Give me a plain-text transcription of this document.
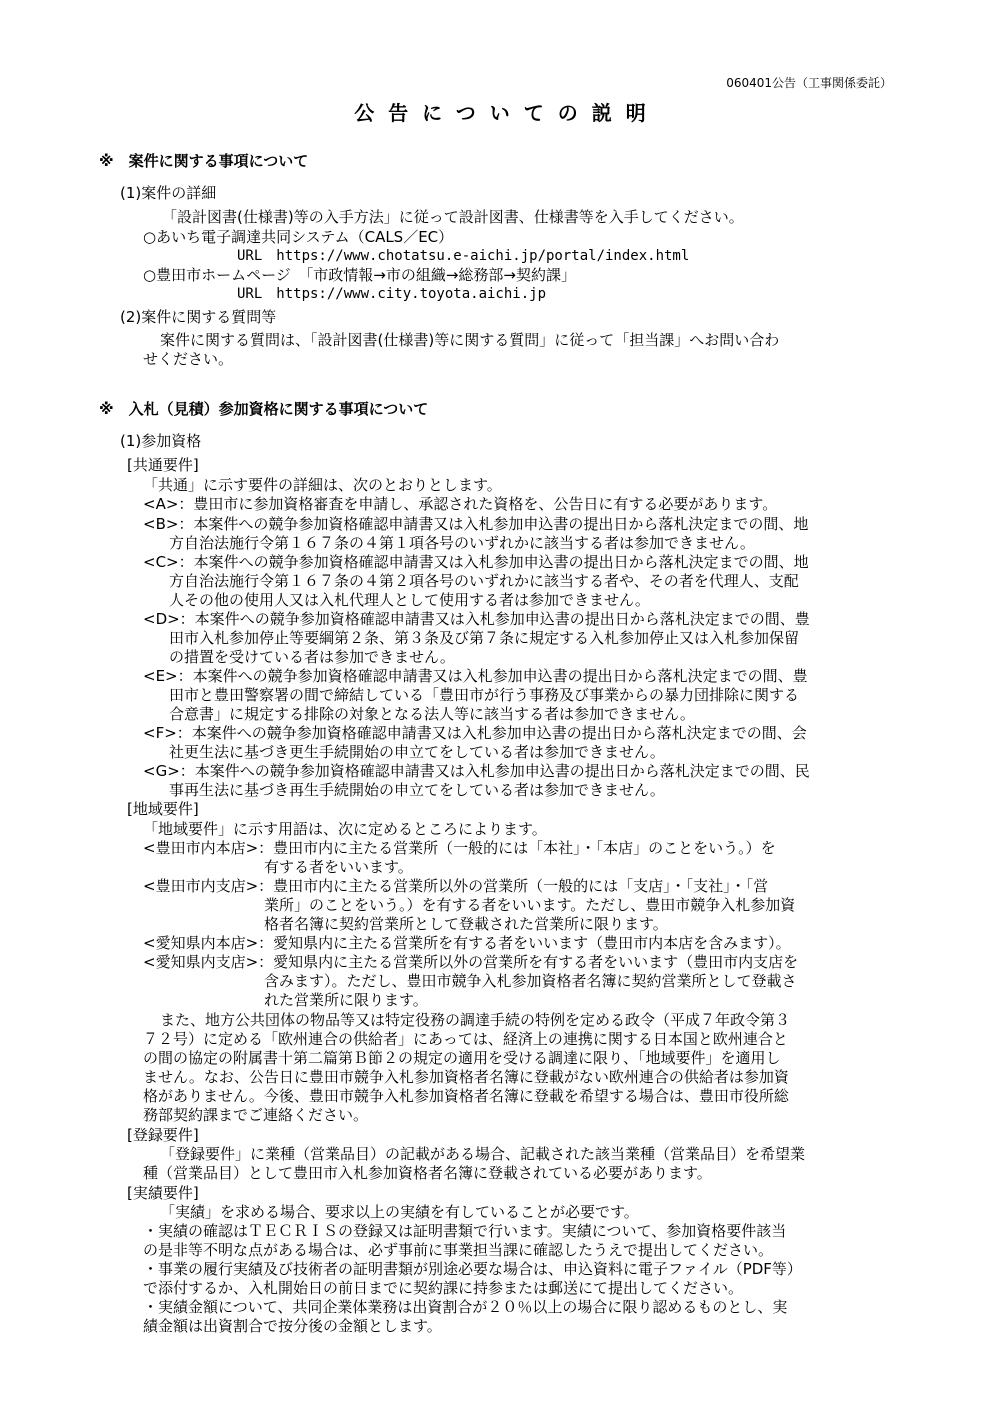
060401公告（工事関係委託）
公告についての説明
※　案件に関する事項について
(1)案件の詳細
「設計図書(仕様書)等の入手方法」に従って設計図書、仕様書等を入手してください。
○あいち電子調達共同システム（CALS／EC）
URL　https://www.chotatsu.e-aichi.jp/portal/index.html
○豊田市ホームページ　「市政情報→市の組織→総務部→契約課」
URL　https://www.city.toyota.aichi.jp
(2)案件に関する質問等
案件に関する質問は、「設計図書(仕様書)等に関する質問」に従って「担当課」へお問い合わ
せください。
※　入札（見積）参加資格に関する事項について
(1)参加資格
[共通要件]
「共通」に示す要件の詳細は、次のとおりとします。
<A>：豊田市に参加資格審査を申請し、承認された資格を、公告日に有する必要があります。
<B>：本案件への競争参加資格確認申請書又は入札参加申込書の提出日から落札決定までの間、地
方自治法施行令第１６７条の４第１項各号のいずれかに該当する者は参加できません。
<C>：本案件への競争参加資格確認申請書又は入札参加申込書の提出日から落札決定までの間、地
方自治法施行令第１６７条の４第２項各号のいずれかに該当する者や、その者を代理人、支配
人その他の使用人又は入札代理人として使用する者は参加できません。
<D>：本案件への競争参加資格確認申請書又は入札参加申込書の提出日から落札決定までの間、豊
田市入札参加停止等要綱第２条、第３条及び第７条に規定する入札参加停止又は入札参加保留
の措置を受けている者は参加できません。
<E>：本案件への競争参加資格確認申請書又は入札参加申込書の提出日から落札決定までの間、豊
田市と豊田警察署の間で締結している「豊田市が行う事務及び事業からの暴力団排除に関する
合意書」に規定する排除の対象となる法人等に該当する者は参加できません。
<F>：本案件への競争参加資格確認申請書又は入札参加申込書の提出日から落札決定までの間、会
社更生法に基づき更生手続開始の申立てをしている者は参加できません。
<G>：本案件への競争参加資格確認申請書又は入札参加申込書の提出日から落札決定までの間、民
事再生法に基づき再生手続開始の申立てをしている者は参加できません。
[地域要件]
「地域要件」に示す用語は、次に定めるところによります。
<豊田市内本店>：豊田市内に主たる営業所（一般的には「本社」・「本店」のことをいう。）を
有する者をいいます。
<豊田市内支店>：豊田市内に主たる営業所以外の営業所（一般的には「支店」・「支社」・「営
業所」のことをいう。）を有する者をいいます。ただし、豊田市競争入札参加資
格者名簿に契約営業所として登載された営業所に限ります。
<愛知県内本店>：愛知県内に主たる営業所を有する者をいいます（豊田市内本店を含みます）。
<愛知県内支店>：愛知県内に主たる営業所以外の営業所を有する者をいいます（豊田市内支店を
含みます）。ただし、豊田市競争入札参加資格者名簿に契約営業所として登載さ
れた営業所に限ります。
また、地方公共団体の物品等又は特定役務の調達手続の特例を定める政令（平成７年政令第３
７２号）に定める「欧州連合の供給者」にあっては、経済上の連携に関する日本国と欧州連合と
の間の協定の附属書十第二篇第Ｂ節２の規定の適用を受ける調達に限り、「地域要件」を適用し
ません。なお、公告日に豊田市競争入札参加資格者名簿に登載がない欧州連合の供給者は参加資
格がありません。今後、豊田市競争入札参加資格者名簿に登載を希望する場合は、豊田市役所総
務部契約課までご連絡ください。
[登録要件]
「登録要件」に業種（営業品目）の記載がある場合、記載された該当業種（営業品目）を希望業
種（営業品目）として豊田市入札参加資格者名簿に登載されている必要があります。
[実績要件]
「実績」を求める場合、要求以上の実績を有していることが必要です。
・実績の確認はＴＥＣＲＩＳの登録又は証明書類で行います。実績について、参加資格要件該当
の是非等不明な点がある場合は、必ず事前に事業担当課に確認したうえで提出してください。
・事業の履行実績及び技術者の証明書類が別途必要な場合は、申込資料に電子ファイル（PDF等）
で添付するか、入札開始日の前日までに契約課に持参または郵送にて提出してください。
・実績金額について、共同企業体業務は出資割合が２０％以上の場合に限り認めるものとし、実
績金額は出資割合で按分後の金額とします。
